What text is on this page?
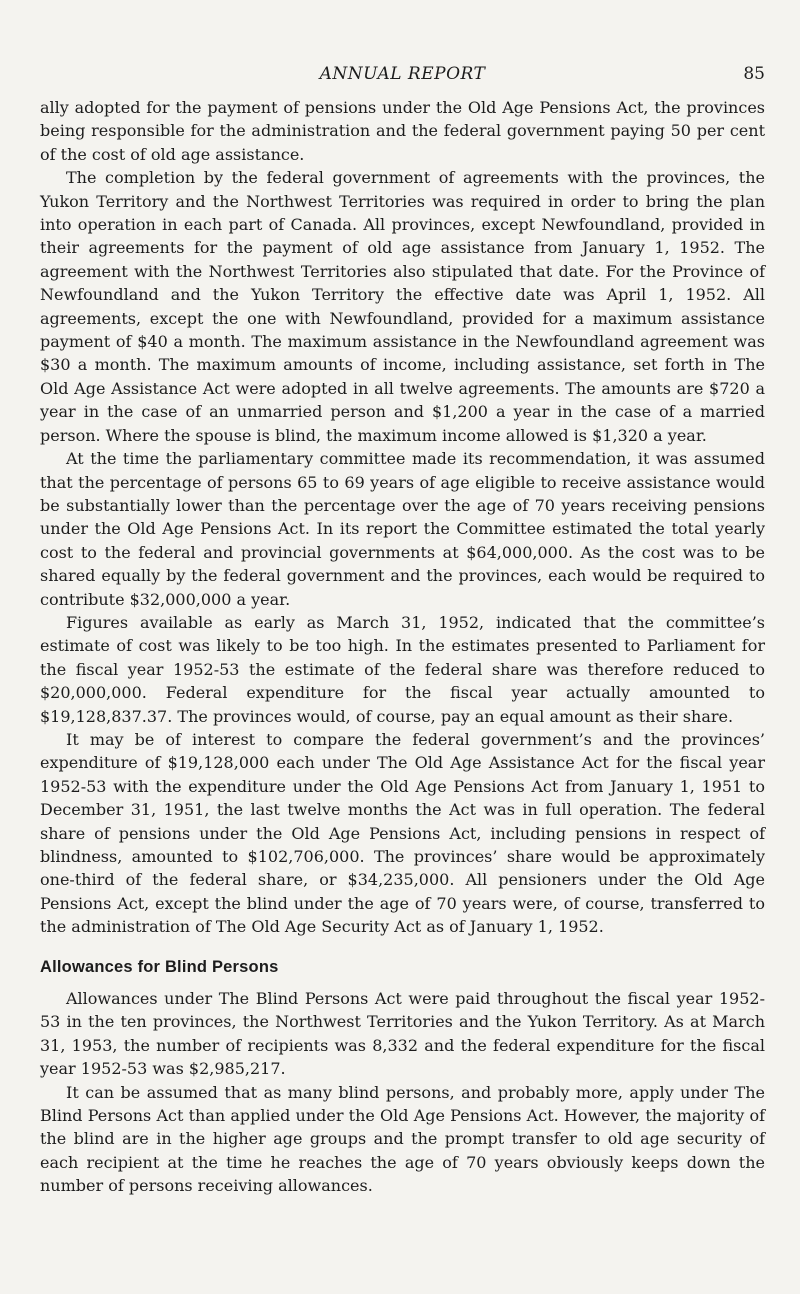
ANNUAL REPORT	85

ally adopted for the payment of pensions under the Old Age Pensions Act, the provinces being responsible for the administration and the federal government paying 50 per cent of the cost of old age assistance.

The completion by the federal government of agreements with the provinces, the Yukon Territory and the Northwest Territories was required in order to bring the plan into operation in each part of Canada. All provinces, except Newfoundland, provided in their agreements for the payment of old age assistance from January 1, 1952. The agreement with the Northwest Territories also stipulated that date. For the Province of Newfoundland and the Yukon Territory the effective date was April 1, 1952. All agreements, except the one with Newfoundland, provided for a maximum assistance payment of $40 a month. The maximum assistance in the Newfoundland agreement was $30 a month. The maximum amounts of income, including assistance, set forth in The Old Age Assistance Act were adopted in all twelve agreements. The amounts are $720 a year in the case of an unmarried person and $1,200 a year in the case of a married person. Where the spouse is blind, the maximum income allowed is $1,320 a year.

At the time the parliamentary committee made its recommendation, it was assumed that the percentage of persons 65 to 69 years of age eligible to receive assistance would be substantially lower than the percentage over the age of 70 years receiving pensions under the Old Age Pensions Act. In its report the Committee estimated the total yearly cost to the federal and provincial governments at $64,000,000. As the cost was to be shared equally by the federal government and the provinces, each would be required to contribute $32,000,000 a year.

Figures available as early as March 31, 1952, indicated that the committee’s estimate of cost was likely to be too high. In the estimates presented to Parliament for the fiscal year 1952-53 the estimate of the federal share was therefore reduced to $20,000,000. Federal expenditure for the fiscal year actually amounted to $19,128,837.37. The provinces would, of course, pay an equal amount as their share.

It may be of interest to compare the federal government’s and the provinces’ expenditure of $19,128,000 each under The Old Age Assistance Act for the fiscal year 1952-53 with the expenditure under the Old Age Pensions Act from January 1, 1951 to December 31, 1951, the last twelve months the Act was in full operation. The federal share of pensions under the Old Age Pensions Act, including pensions in respect of blindness, amounted to $102,706,000. The provinces’ share would be approximately one-third of the federal share, or $34,235,000. All pensioners under the Old Age Pensions Act, except the blind under the age of 70 years were, of course, transferred to the administration of The Old Age Security Act as of January 1, 1952.

Allowances for Blind Persons

Allowances under The Blind Persons Act were paid throughout the fiscal year 1952-53 in the ten provinces, the Northwest Territories and the Yukon Territory. As at March 31, 1953, the number of recipients was 8,332 and the federal expenditure for the fiscal year 1952-53 was $2,985,217.

It can be assumed that as many blind persons, and probably more, apply under The Blind Persons Act than applied under the Old Age Pensions Act. However, the majority of the blind are in the higher age groups and the prompt transfer to old age security of each recipient at the time he reaches the age of 70 years obviously keeps down the number of persons receiving allowances.
